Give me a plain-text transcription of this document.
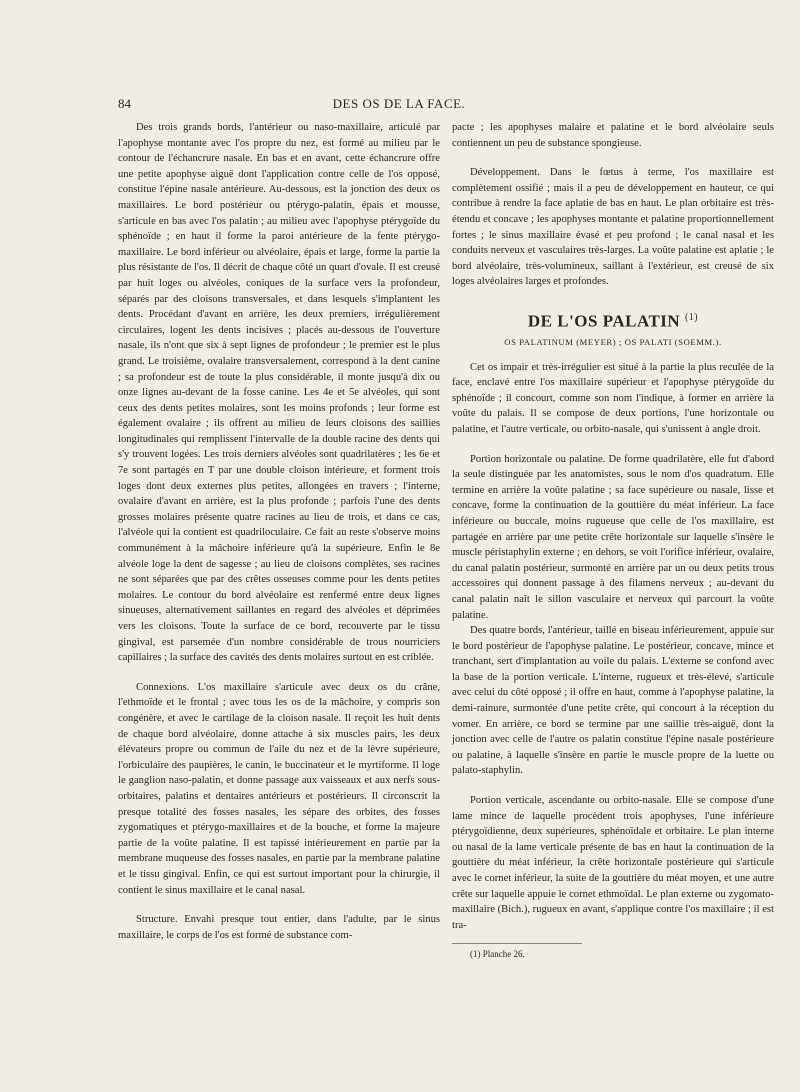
84	DES OS DE LA FACE.

Des trois grands bords, l'antérieur ou naso-maxillaire, articulé par l'apophyse montante avec l'os propre du nez, est formé au milieu par le contour de l'échancrure nasale. En bas et en avant, cette échancrure offre une petite apophyse aiguë dont l'application contre celle de l'os opposé, constitue l'épine nasale antérieure. Au-dessous, est la jonction des deux os maxillaires. Le bord postérieur ou ptérygo-palatin, épais et mousse, s'articule en bas avec l'os palatin ; au milieu avec l'apophyse ptérygoïde du sphénoïde ; en haut il forme la paroi antérieure de la fente ptérygo-maxillaire. Le bord inférieur ou alvéolaire, épais et large, forme la partie la plus résistante de l'os. Il décrit de chaque côté un quart d'ovale. Il est creusé par huit loges ou alvéoles, coniques de la surface vers la profondeur, séparés par des cloisons transversales, et dans lesquels s'implantent les dents. Procédant d'avant en arrière, les deux premiers, irrégulièrement circulaires, logent les dents incisives ; placés au-dessous de l'ouverture nasale, ils n'ont que six à sept lignes de profondeur ; le premier est le plus grand. Le troisième, ovalaire transversalement, correspond à la dent canine ; sa profondeur est de toute la plus considérable, il monte jusqu'à dix ou onze lignes au-devant de la fosse canine. Les 4e et 5e alvéoles, qui sont ceux des dents petites molaires, sont les moins profonds ; leur forme est également ovalaire ; ils offrent au milieu de leurs cloisons des saillies longitudinales qui remplissent l'intervalle de la double racine des dents qui s'y trouvent logées. Les trois derniers alvéoles sont quadrilatères ; les 6e et 7e sont partagés en T par une double cloison intérieure, et forment trois loges dont deux externes plus petites, allongées en travers ; l'interne, ovalaire d'avant en arrière, est la plus profonde ; parfois l'une des dents grosses molaires présente quatre racines au lieu de trois, et dans ce cas, l'alvéole qui la contient est quadriloculaire. Ce fait au reste s'observe moins communément à la mâchoire inférieure qu'à la supérieure. Enfin le 8e alvéole loge la dent de sagesse ; au lieu de cloisons complètes, ses racines ne sont séparées que par des crêtes osseuses comme pour les dents petites molaires. Le contour du bord alvéolaire est renfermé entre deux lignes sinueuses, alternativement saillantes en regard des alvéoles et déprimées vers les cloisons. Toute la surface de ce bord, recouverte par le tissu gingival, est parsemée d'un nombre considérable de trous nourriciers capillaires ; la surface des cavités des dents molaires surtout en est criblée.

Connexions. L'os maxillaire s'articule avec deux os du crâne, l'ethmoïde et le frontal ; avec tous les os de la mâchoire, y compris son congénère, et avec le cartilage de la cloison nasale. Il reçoit les huit dents de chaque bord alvéolaire, donne attache à six muscles pairs, les deux élévateurs propre ou commun de l'aile du nez et de la lèvre supérieure, l'orbiculaire des paupières, le canin, le buccinateur et le myrtiforme. Il loge le ganglion naso-palatin, et donne passage aux vaisseaux et aux nerfs sous-orbitaires, palatins et dentaires antérieurs et postérieurs. Il circonscrit la presque totalité des fosses nasales, les sépare des orbites, des fosses zygomatiques et ptérygo-maxillaires et de la bouche, et forme la majeure partie de la voûte palatine. Il est tapissé intérieurement en partie par la membrane muqueuse des fosses nasales, en partie par la membrane palatine et le tissu gingival. Enfin, ce qui est surtout important pour la chirurgie, il contient le sinus maxillaire et le canal nasal.

Structure. Envahi presque tout entier, dans l'adulte, par le sinus maxillaire, le corps de l'os est formé de substance com-

pacte ; les apophyses malaire et palatine et le bord alvéolaire seuls contiennent un peu de substance spongieuse.

Développement. Dans le fœtus à terme, l'os maxillaire est complètement ossifié ; mais il a peu de développement en hauteur, ce qui contribue à rendre la face aplatie de bas en haut. Le plan orbitaire est très-étendu et concave ; les apophyses montante et palatine proportionnellement fortes ; le sinus maxillaire évasé et peu profond ; le canal nasal et les conduits nerveux et vasculaires très-larges. La voûte palatine est aplatie ; le bord alvéolaire, très-volumineux, saillant à l'extérieur, est creusé de six loges alvéolaires larges et profondes.

DE L'OS PALATIN $^{(1)}$
OS PALATINUM (MEYER) ; OS PALATI (SOEMM.).

Cet os impair et très-irrégulier est situé à la partie la plus reculée de la face, enclavé entre l'os maxillaire supérieur et l'apophyse ptérygoïde du sphénoïde ; il concourt, comme son nom l'indique, à former en arrière la voûte du palais. Il se compose de deux portions, l'une horizontale ou palatine, et l'autre verticale, ou orbito-nasale, qui s'unissent à angle droit.

Portion horizontale ou palatine. De forme quadrilatère, elle fut d'abord la seule distinguée par les anatomistes, sous le nom d'os quadratum. Elle termine en arrière la voûte palatine ; sa face supérieure ou nasale, lisse et concave, forme la continuation de la gouttière du méat inférieur. La face inférieure ou buccale, moins rugueuse que celle de l'os maxillaire, est partagée en arrière par une petite crête horizontale sur laquelle s'insère le muscle péristaphylin externe ; en dehors, se voit l'orifice inférieur, ovalaire, du canal palatin postérieur, surmonté en arrière par un ou deux petits trous accessoires qui donnent passage à des filamens nerveux ; au-devant du canal palatin naît le sillon vasculaire et nerveux qui parcourt la voûte palatine.

Des quatre bords, l'antérieur, taillé en biseau inférieurement, appuie sur le bord postérieur de l'apophyse palatine. Le postérieur, concave, mince et tranchant, sert d'implantation au voile du palais. L'externe se confond avec la base de la portion verticale. L'interne, rugueux et très-élevé, s'articule avec celui du côté opposé ; il offre en haut, comme à l'apophyse palatine, la demi-rainure, surmontée d'une petite crête, qui concourt à la réception du vomer. En arrière, ce bord se termine par une saillie très-aiguë, dont la jonction avec celle de l'autre os palatin constitue l'épine nasale postérieure ou palatine, à laquelle s'insère en partie le muscle propre de la luette ou palato-staphylin.

Portion verticale, ascendante ou orbito-nasale. Elle se compose d'une lame mince de laquelle procèdent trois apophyses, l'une inférieure ptérygoïdienne, deux supérieures, sphénoïdale et orbitaire. Le plan interne ou nasal de la lame verticale présente de bas en haut la continuation de la gouttière du méat inférieur, la crête horizontale postérieure qui s'articule avec le cornet inférieur, la suite de la gouttière du méat moyen, et une autre crête sur laquelle appuie le cornet ethmoïdal. Le plan externe ou zygomato-maxillaire (Bich.), rugueux en avant, s'applique contre l'os maxillaire ; il est tra-

(1) Planche 26.
